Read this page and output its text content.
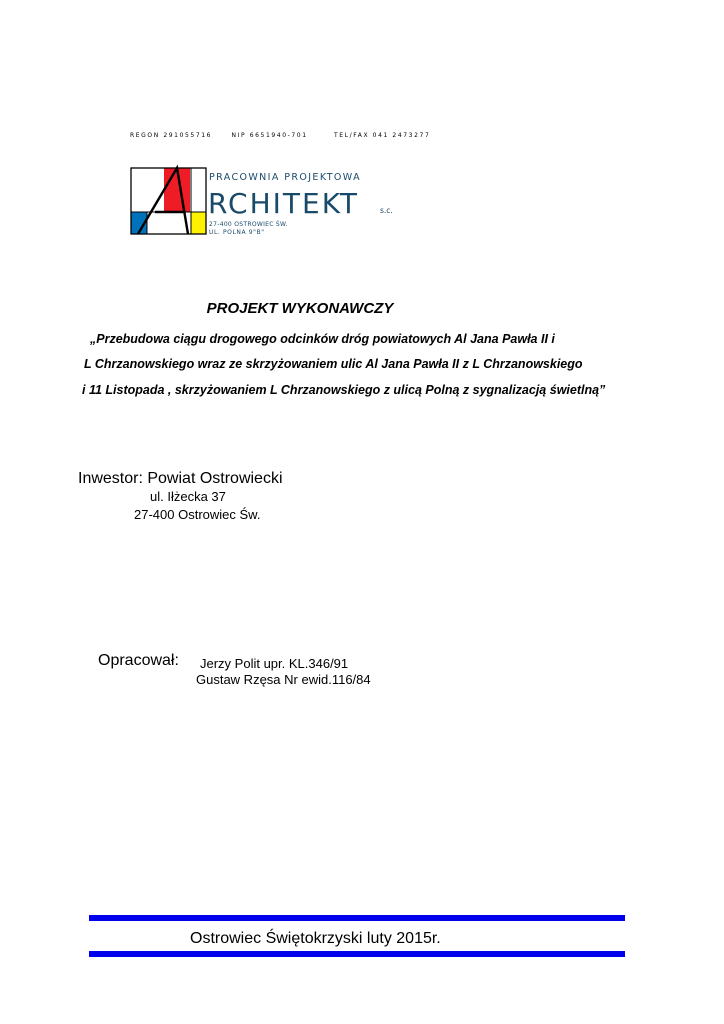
REGON 291055716	NIP 6651940-701	TEL/FAX 041 2473277
PRACOWNIA PROJEKTOWA
RCHITEKT	s.c.
27-400 OSTROWIEC ŚW.
UL. POLNA 9"B"
PROJEKT WYKONAWCZY
„Przebudowa ciągu drogowego odcinków dróg powiatowych Al Jana Pawła II i
L Chrzanowskiego wraz ze skrzyżowaniem ulic Al Jana Pawła II z L Chrzanowskiego
i 11 Listopada , skrzyżowaniem L Chrzanowskiego z ulicą Polną z sygnalizacją świetlną”
Inwestor: Powiat Ostrowiecki
ul. Iłżecka 37
27-400 Ostrowiec Św.
Opracował: Jerzy Polit upr. KL.346/91
Gustaw Rzęsa Nr ewid.116/84
Ostrowiec Świętokrzyski luty 2015r.
